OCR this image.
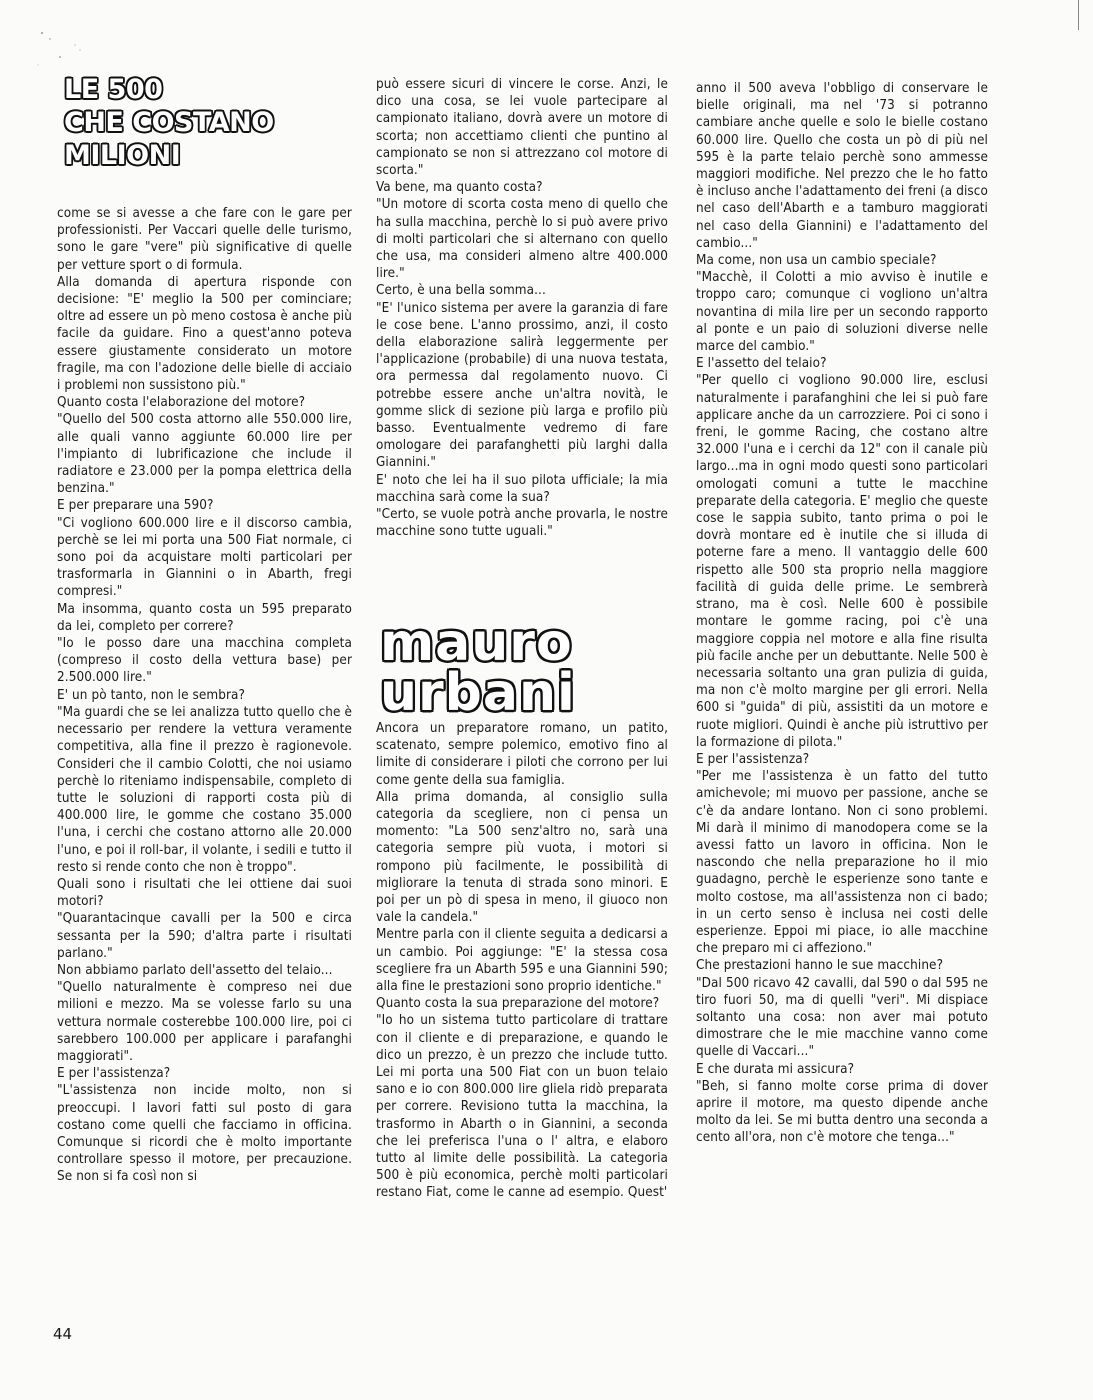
LE 500
CHE COSTANO
MILIONI

come se si avesse a che fare con le gare per professionisti. Per Vaccari quelle delle turismo, sono le gare "vere" più significative di quelle per vetture sport o di formula.

Alla domanda di apertura risponde con decisione: "E' meglio la 500 per cominciare; oltre ad essere un pò meno costosa è anche più facile da guidare. Fino a quest'anno poteva essere giustamente considerato un motore fragile, ma con l'adozione delle bielle di acciaio i problemi non sussistono più."

Quanto costa l'elaborazione del motore?

"Quello del 500 costa attorno alle 550.000 lire, alle quali vanno aggiunte 60.000 lire per l'impianto di lubrificazione che include il radiatore e 23.000 per la pompa elettrica della benzina."

E per preparare una 590?

"Ci vogliono 600.000 lire e il discorso cambia, perchè se lei mi porta una 500 Fiat normale, ci sono poi da acquistare molti particolari per trasformarla in Giannini o in Abarth, fregi compresi."

Ma insomma, quanto costa un 595 preparato da lei, completo per correre?

"Io le posso dare una macchina completa (compreso il costo della vettura base) per 2.500.000 lire."

E' un pò tanto, non le sembra?

"Ma guardi che se lei analizza tutto quello che è necessario per rendere la vettura veramente competitiva, alla fine il prezzo è ragionevole. Consideri che il cambio Colotti, che noi usiamo perchè lo riteniamo indispensabile, completo di tutte le soluzioni di rapporti costa più di 400.000 lire, le gomme che costano 35.000 l'una, i cerchi che costano attorno alle 20.000 l'uno, e poi il roll-bar, il volante, i sedili e tutto il resto si rende conto che non è troppo".

Quali sono i risultati che lei ottiene dai suoi motori?

"Quarantacinque cavalli per la 500 e circa sessanta per la 590; d'altra parte i risultati parlano."

Non abbiamo parlato dell'assetto del telaio...

"Quello naturalmente è compreso nei due milioni e mezzo. Ma se volesse farlo su una vettura normale costerebbe 100.000 lire, poi ci sarebbero 100.000 per applicare i parafanghi maggiorati".

E per l'assistenza?

"L'assistenza non incide molto, non si preoccupi. I lavori fatti sul posto di gara costano come quelli che facciamo in officina. Comunque si ricordi che è molto importante controllare spesso il motore, per precauzione. Se non si fa così non si

può essere sicuri di vincere le corse. Anzi, le dico una cosa, se lei vuole partecipare al campionato italiano, dovrà avere un motore di scorta; non accettiamo clienti che puntino al campionato se non si attrezzano col motore di scorta."

Va bene, ma quanto costa?

"Un motore di scorta costa meno di quello che ha sulla macchina, perchè lo si può avere privo di molti particolari che si alternano con quello che usa, ma consideri almeno altre 400.000 lire."

Certo, è una bella somma...

"E' l'unico sistema per avere la garanzia di fare le cose bene. L'anno prossimo, anzi, il costo della elaborazione salirà leggermente per l'applicazione (probabile) di una nuova testata, ora permessa dal regolamento nuovo. Ci potrebbe essere anche un'altra novità, le gomme slick di sezione più larga e profilo più basso. Eventualmente vedremo di fare omologare dei parafanghetti più larghi dalla Giannini."

E' noto che lei ha il suo pilota ufficiale; la mia macchina sarà come la sua?

"Certo, se vuole potrà anche provarla, le nostre macchine sono tutte uguali."

mauro
urbani

Ancora un preparatore romano, un patito, scatenato, sempre polemico, emotivo fino al limite di considerare i piloti che corrono per lui come gente della sua famiglia.

Alla prima domanda, al consiglio sulla categoria da scegliere, non ci pensa un momento: "La 500 senz'altro no, sarà una categoria sempre più vuota, i motori si rompono più facilmente, le possibilità di migliorare la tenuta di strada sono minori. E poi per un pò di spesa in meno, il giuoco non vale la candela."

Mentre parla con il cliente seguita a dedicarsi a un cambio. Poi aggiunge: "E' la stessa cosa scegliere fra un Abarth 595 e una Giannini 590; alla fine le prestazioni sono proprio identiche."

Quanto costa la sua preparazione del motore?

"Io ho un sistema tutto particolare di trattare con il cliente e di preparazione, e quando le dico un prezzo, è un prezzo che include tutto. Lei mi porta una 500 Fiat con un buon telaio sano e io con 800.000 lire gliela ridò preparata per correre. Revisiono tutta la macchina, la trasformo in Abarth o in Giannini, a seconda che lei preferisca l'una o l' altra, e elaboro tutto al limite delle possibilità. La categoria 500 è più economica, perchè molti particolari restano Fiat, come le canne ad esempio. Quest'

anno il 500 aveva l'obbligo di conservare le bielle originali, ma nel '73 si potranno cambiare anche quelle e solo le bielle costano 60.000 lire. Quello che costa un pò di più nel 595 è la parte telaio perchè sono ammesse maggiori modifiche. Nel prezzo che le ho fatto è incluso anche l'adattamento dei freni (a disco nel caso dell'Abarth e a tamburo maggiorati nel caso della Giannini) e l'adattamento del cambio..."

Ma come, non usa un cambio speciale?

"Macchè, il Colotti a mio avviso è inutile e troppo caro; comunque ci vogliono un'altra novantina di mila lire per un secondo rapporto al ponte e un paio di soluzioni diverse nelle marce del cambio."

E l'assetto del telaio?

"Per quello ci vogliono 90.000 lire, esclusi naturalmente i parafanghini che lei si può fare applicare anche da un carrozziere. Poi ci sono i freni, le gomme Racing, che costano altre 32.000 l'una e i cerchi da 12" con il canale più largo...ma in ogni modo questi sono particolari omologati comuni a tutte le macchine preparate della categoria. E' meglio che queste cose le sappia subito, tanto prima o poi le dovrà montare ed è inutile che si illuda di poterne fare a meno. Il vantaggio delle 600 rispetto alle 500 sta proprio nella maggiore facilità di guida delle prime. Le sembrerà strano, ma è così. Nelle 600 è possibile montare le gomme racing, poi c'è una maggiore coppia nel motore e alla fine risulta più facile anche per un debuttante. Nelle 500 è necessaria soltanto una gran pulizia di guida, ma non c'è molto margine per gli errori. Nella 600 si "guida" di più, assistiti da un motore e ruote migliori. Quindi è anche più istruttivo per la formazione di pilota."

E per l'assistenza?

"Per me l'assistenza è un fatto del tutto amichevole; mi muovo per passione, anche se c'è da andare lontano. Non ci sono problemi. Mi darà il minimo di manodopera come se la avessi fatto un lavoro in officina. Non le nascondo che nella preparazione ho il mio guadagno, perchè le esperienze sono tante e molto costose, ma all'assistenza non ci bado; in un certo senso è inclusa nei costi delle esperienze. Eppoi mi piace, io alle macchine che preparo mi ci affeziono."

Che prestazioni hanno le sue macchine?

"Dal 500 ricavo 42 cavalli, dal 590 o dal 595 ne tiro fuori 50, ma di quelli "veri". Mi dispiace soltanto una cosa: non aver mai potuto dimostrare che le mie macchine vanno come quelle di Vaccari..."

E che durata mi assicura?

"Beh, si fanno molte corse prima di dover aprire il motore, ma questo dipende anche molto da lei. Se mi butta dentro una seconda a cento all'ora, non c'è motore che tenga..."

44
